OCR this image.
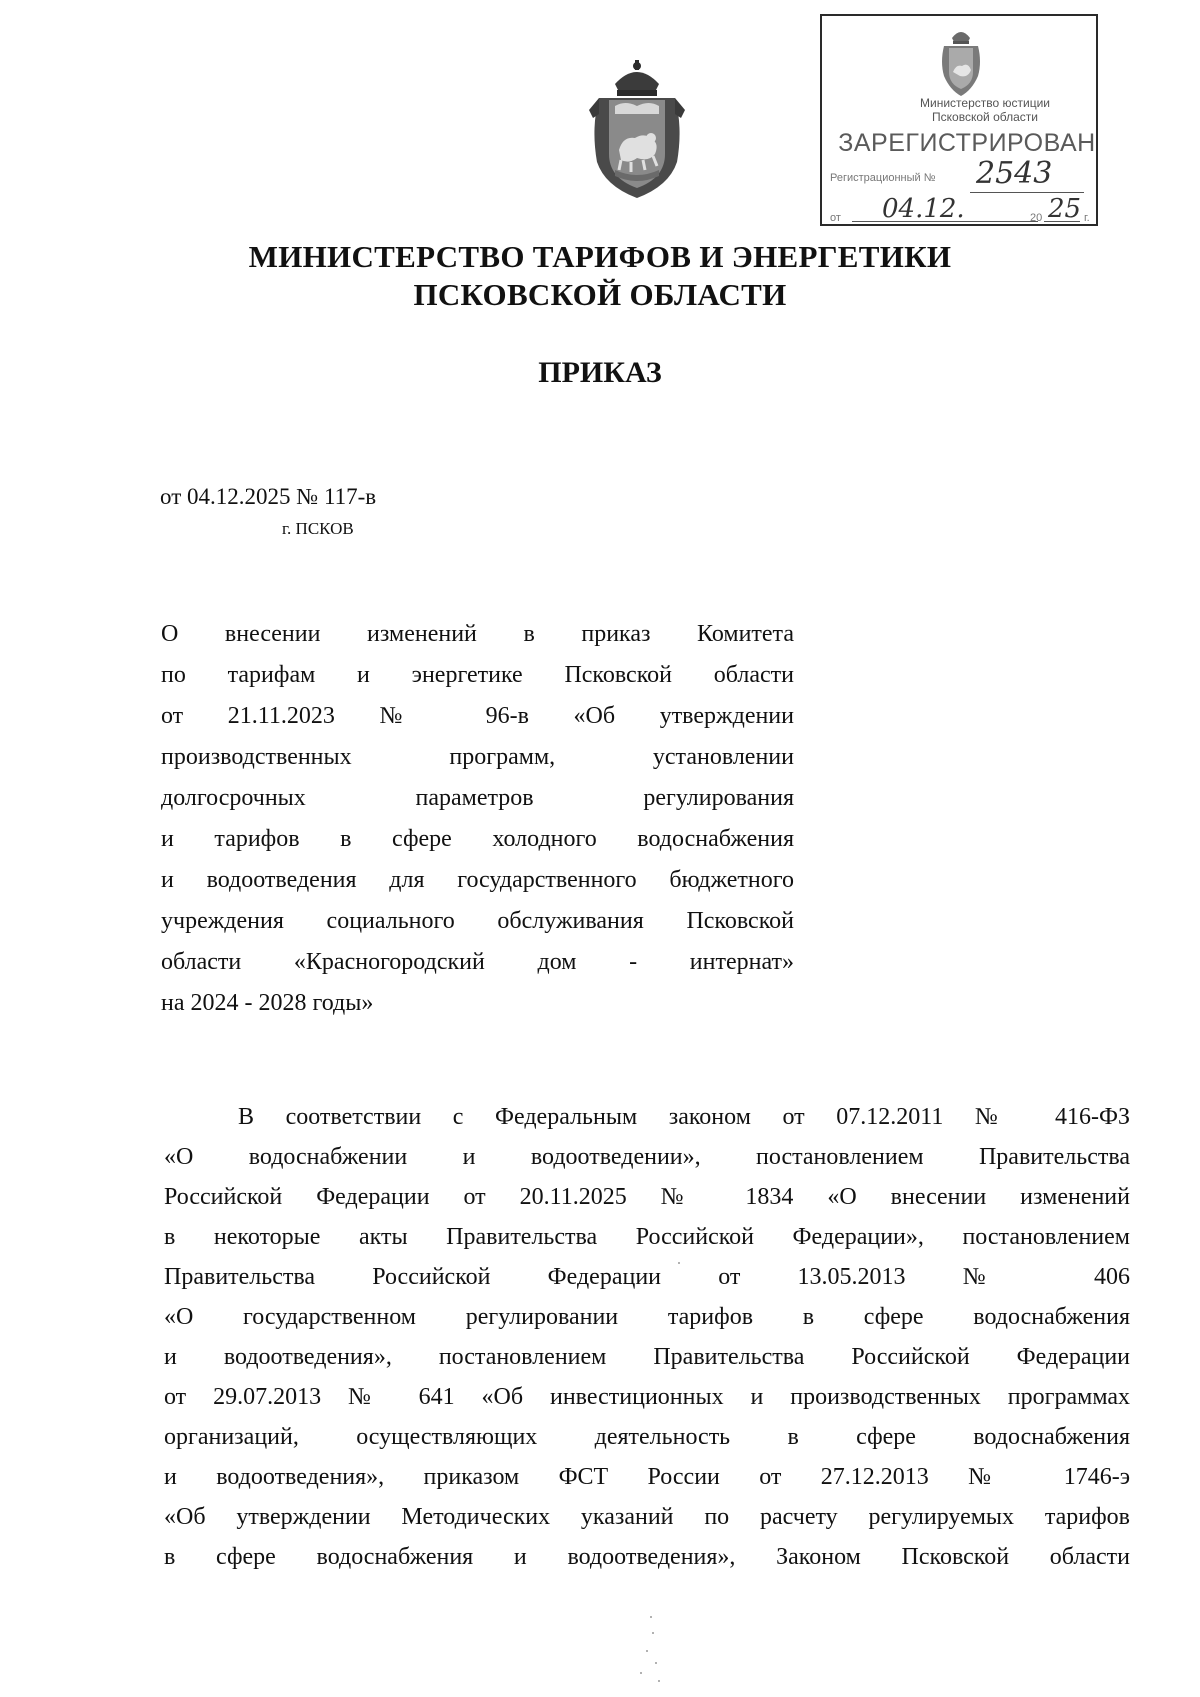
Министерство юстиции
Псковской области
ЗАРЕГИСТРИРОВАН
Регистрационный № 2543
от 04.12.	20 25 г.
МИНИСТЕРСТВО ТАРИФОВ И ЭНЕРГЕТИКИ
ПСКОВСКОЙ ОБЛАСТИ
ПРИКАЗ
от 04.12.2025 № 117-в
г. ПСКОВ
О внесении изменений в приказ Комитета
по тарифам и энергетике Псковской области
от 21.11.2023 № 96-в «Об утверждении
производственных программ, установлении
долгосрочных параметров регулирования
и тарифов в сфере холодного водоснабжения
и водоотведения для государственного бюджетного
учреждения социального обслуживания Псковской
области «Красногородский дом - интернат»
на 2024 - 2028 годы»
В соответствии с Федеральным законом от 07.12.2011 № 416-ФЗ
«О водоснабжении и водоотведении», постановлением Правительства
Российской Федерации от 20.11.2025 № 1834 «О внесении изменений
в некоторые акты Правительства Российской Федерации», постановлением
Правительства Российской Федерации от 13.05.2013 № 406
«О государственном регулировании тарифов в сфере водоснабжения
и водоотведения», постановлением Правительства Российской Федерации
от 29.07.2013 № 641 «Об инвестиционных и производственных программах
организаций, осуществляющих деятельность в сфере водоснабжения
и водоотведения», приказом ФСТ России от 27.12.2013 № 1746-э
«Об утверждении Методических указаний по расчету регулируемых тарифов
в сфере водоснабжения и водоотведения», Законом Псковской области
